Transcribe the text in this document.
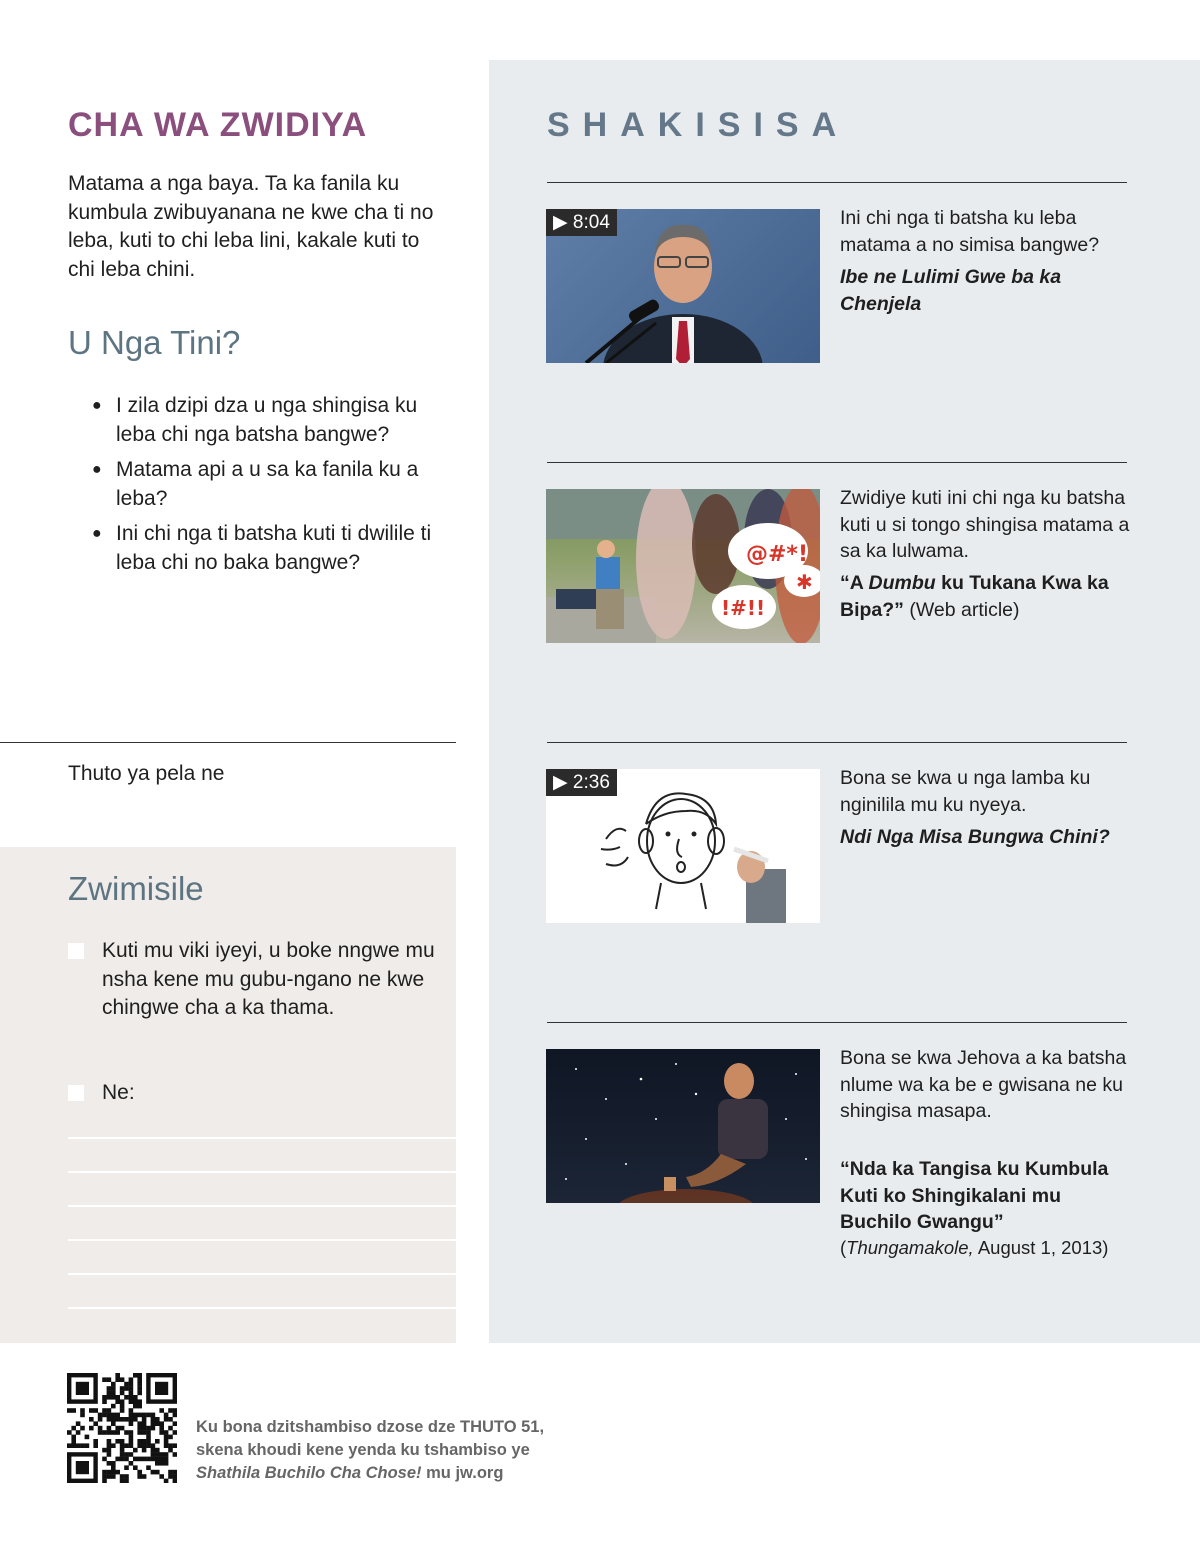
CHA WA ZWIDIYA

Matama a nga baya. Ta ka fanila ku kumbula zwibuyanana ne kwe cha ti no leba, kuti to chi leba lini, kakale kuti to chi leba chini.

U Nga Tini?
● I zila dzipi dza u nga shingisa ku leba chi nga batsha bangwe?
● Matama api a u sa ka fanila ku a leba?
● Ini chi nga ti batsha kuti ti dwilile ti leba chi no baka bangwe?

Thuto ya pela ne

Zwimisile

Kuti mu viki iyeyi, u boke nngwe mu nsha kene mu gubu-ngano ne kwe chingwe cha a ka thama.

Ne:

SHAKISISA
▶ 8:04	Ini chi nga ti batsha ku leba matama a no simisa bangwe?

Ibe ne Lulimi Gwe ba ka Chenjela

@#*!
!#!!
✱

Zwidiye kuti ini chi nga ku batsha kuti u si tongo shingisa matama a sa ka lulwama.

“A Dumbu ku Tukana Kwa ka Bipa?” (Web article)

▶ 2:36	Bona se kwa u nga lamba ku nginilila mu ku nyeya.

Ndi Nga Misa Bungwa Chini?

Bona se kwa Jehova a ka batsha nlume wa ka be e gwisana ne ku shingisa masapa.

“Nda ka Tangisa ku Kumbula Kuti ko Shingikalani mu Buchilo Gwangu”

(Thungamakole, August 1, 2013)

Ku bona dzitshambiso dzose dze THUTO 51,
skena khoudi kene yenda ku tshambiso ye
Shathila Buchilo Cha Chose! mu jw.org
